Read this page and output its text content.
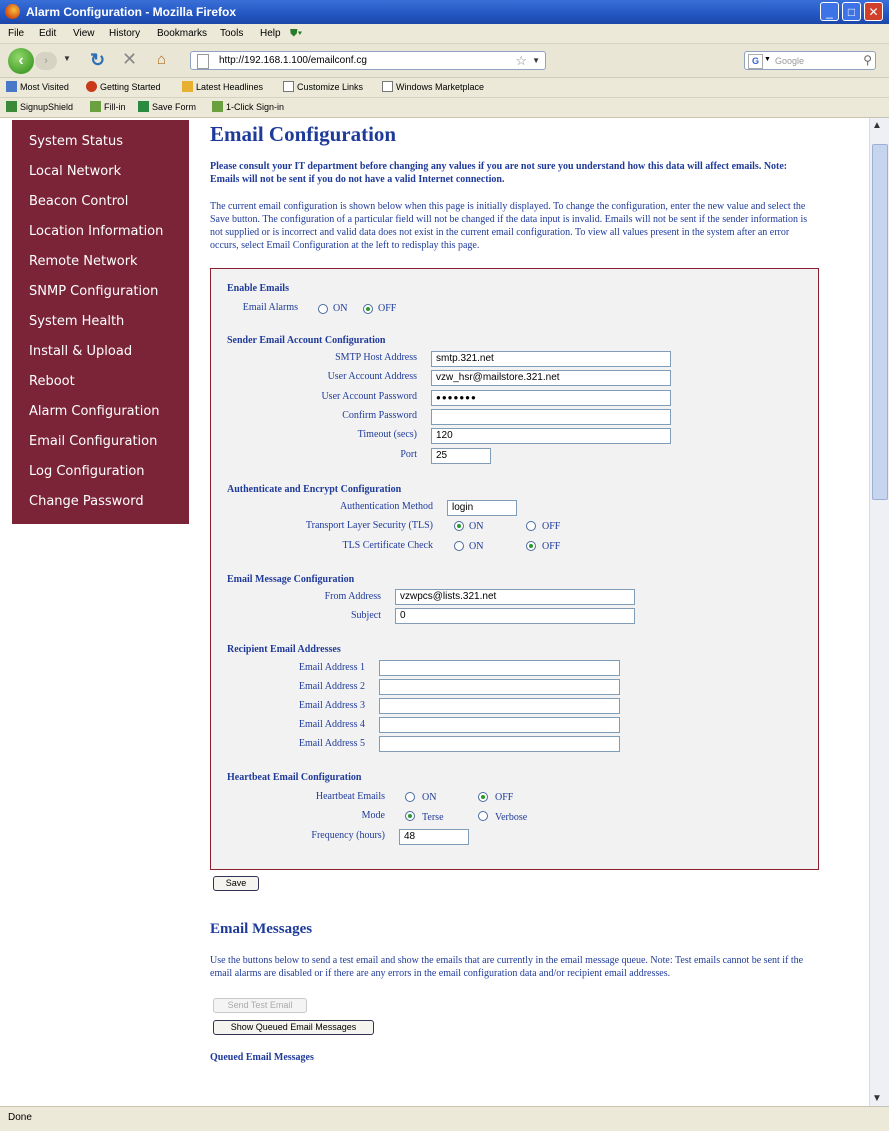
Alarm Configuration - Mozilla Firefox	_	□	✕
File Edit View History Bookmarks Tools Help ⛊▾
‹	›	▼ ↻ ✕ ⌂	http://192.168.1.100/emailconf.cg	☆ ▼	G ▼ Google	⚲
Most Visited	Getting Started	Latest Headlines	Customize Links	Windows Marketplace
SignupShield	Fill-in	Save Form	1-Click Sign-in
System Status
Local Network
Beacon Control
Location Information
Remote Network
SNMP Configuration
System Health
Install & Upload
Reboot
Alarm Configuration
Email Configuration
Log Configuration
Change Password
Email Configuration
Please consult your IT department before changing any values if you are not sure you understand how this data will affect emails. Note: Emails will not be sent if you do not have a valid Internet connection.
The current email configuration is shown below when this page is initially displayed. To change the configuration, enter the new value and select the Save button. The configuration of a particular field will not be changed if the data input is invalid. Emails will not be sent if the sender information is not supplied or is incorrect and valid data does not exist in the current email configuration. To view all values present in the system after an error occurs, select Email Configuration at the left to redisplay this page.
Enable Emails
Email Alarms	ON	OFF
Sender Email Account Configuration
SMTP Host Address	smtp.321.net
User Account Address	vzw_hsr@mailstore.321.net
User Account Password	●●●●●●●
Confirm Password
Timeout (secs)	120
Port	25
Authenticate and Encrypt Configuration
Authentication Method	login
Transport Layer Security (TLS)	ON	OFF
TLS Certificate Check	ON	OFF
Email Message Configuration
From Address	vzwpcs@lists.321.net
Subject	0
Recipient Email Addresses
Email Address 1
Email Address 2
Email Address 3
Email Address 4
Email Address 5
Heartbeat Email Configuration
Heartbeat Emails	ON	OFF
Mode	Terse	Verbose
Frequency (hours)	48
Save
Email Messages
Use the buttons below to send a test email and show the emails that are currently in the email message queue. Note: Test emails cannot be sent if the email alarms are disabled or if there are any errors in the email configuration data and/or recipient email addresses.
Send Test Email
Show Queued Email Messages
Queued Email Messages
▲
▼
Done
